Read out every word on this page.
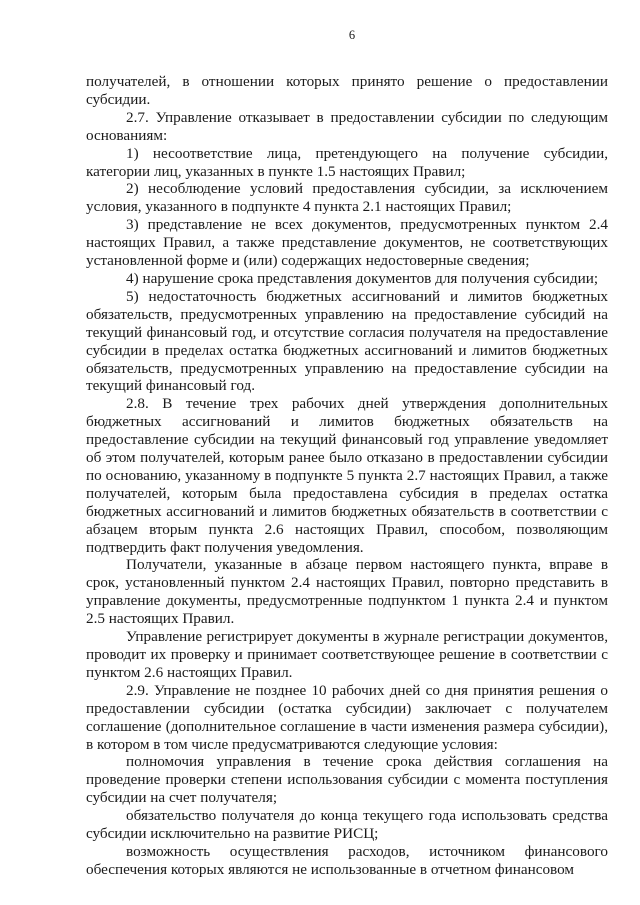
6

получателей, в отношении которых принято решение о предоставлении субсидии.

2.7. Управление отказывает в предоставлении субсидии по следующим основаниям:

1) несоответствие лица, претендующего на получение субсидии, категории лиц, указанных в пункте 1.5 настоящих Правил;

2) несоблюдение условий предоставления субсидии, за исключением условия, указанного в подпункте 4 пункта 2.1 настоящих Правил;

3) представление не всех документов, предусмотренных пунктом 2.4 настоящих Правил, а также представление документов, не соответствующих установленной форме и (или) содержащих недостоверные сведения;

4) нарушение срока представления документов для получения субсидии;

5) недостаточность бюджетных ассигнований и лимитов бюджетных обязательств, предусмотренных управлению на предоставление субсидий на текущий финансовый год, и отсутствие согласия получателя на предоставление субсидии в пределах остатка бюджетных ассигнований и лимитов бюджетных обязательств, предусмотренных управлению на предоставление субсидии на текущий финансовый год.

2.8. В течение трех рабочих дней утверждения дополнительных бюджетных ассигнований и лимитов бюджетных обязательств на предоставление субсидии на текущий финансовый год управление уведомляет об этом получателей, которым ранее было отказано в предоставлении субсидии по основанию, указанному в подпункте 5 пункта 2.7 настоящих Правил, а также получателей, которым была предоставлена субсидия в пределах остатка бюджетных ассигнований и лимитов бюджетных обязательств в соответствии с абзацем вторым пункта 2.6 настоящих Правил, способом, позволяющим подтвердить факт получения уведомления.

Получатели, указанные в абзаце первом настоящего пункта, вправе в срок, установленный пунктом 2.4 настоящих Правил, повторно представить в управление документы, предусмотренные подпунктом 1 пункта 2.4 и пунктом 2.5 настоящих Правил.

Управление регистрирует документы в журнале регистрации документов, проводит их проверку и принимает соответствующее решение в соответствии с пунктом 2.6 настоящих Правил.

2.9. Управление не позднее 10 рабочих дней со дня принятия решения о предоставлении субсидии (остатка субсидии) заключает с получателем соглашение (дополнительное соглашение в части изменения размера субсидии), в котором в том числе предусматриваются следующие условия:

полномочия управления в течение срока действия соглашения на проведение проверки степени использования субсидии с момента поступления субсидии на счет получателя;

обязательство получателя до конца текущего года использовать средства субсидии исключительно на развитие РИСЦ;

возможность осуществления расходов, источником финансового обеспечения которых являются не использованные в отчетном финансовом
